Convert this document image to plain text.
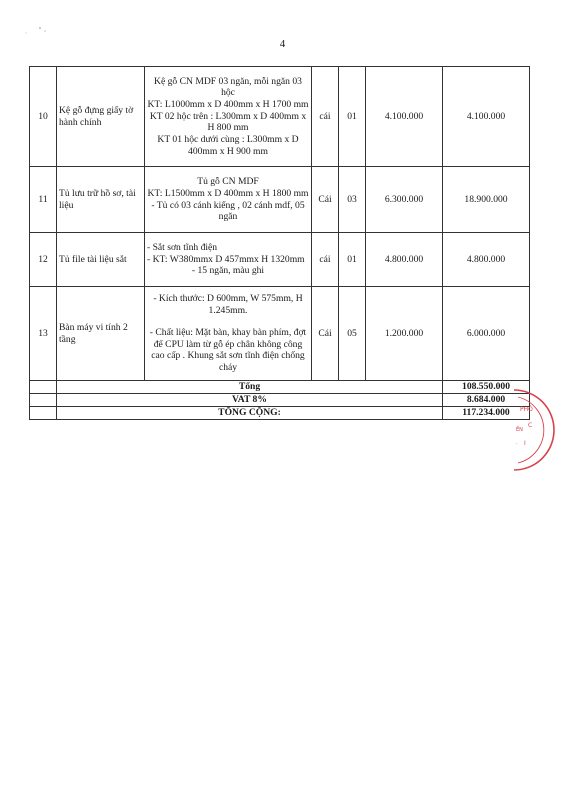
4
10	Kệ gỗ đựng giấy tờ hành chính	Kệ gỗ CN MDF 03 ngăn, mỗi ngăn 03 hộc
KT: L1000mm x D 400mm x H 1700 mm
KT 02 hộc trên : L300mm x D 400mm x H 800 mm
KT 01 hộc dưới cùng : L300mm x D 400mm x H 900 mm	cái	01	4.100.000	4.100.000
11	Tủ lưu trữ hồ sơ, tài liệu	Tủ gỗ CN MDF
KT: L1500mm x D 400mm x H 1800 mm
- Tủ có 03 cánh kiếng , 02 cánh mdf, 05 ngăn	Cái	03	6.300.000	18.900.000
12	Tủ file tài liệu sắt	- Sắt sơn tĩnh điện
- KT: W380mmx D 457mmx H 1320mm
- 15 ngăn, màu ghi	cái	01	4.800.000	4.800.000
13	Bàn máy vi tính 2 tầng	- Kích thước: D 600mm, W 575mm, H 1.245mm.
- Chất liệu: Mặt bàn, khay bàn phím, đợt để CPU làm từ gỗ ép chân không công cao cấp . Khung sắt sơn tĩnh điện chống cháy	Cái	05	1.200.000	6.000.000
	Tổng					108.550.000
	VAT 8%					8.684.000
	TỔNG CỘNG:					117.234.000 PHÒ
C
ẾN
· I
